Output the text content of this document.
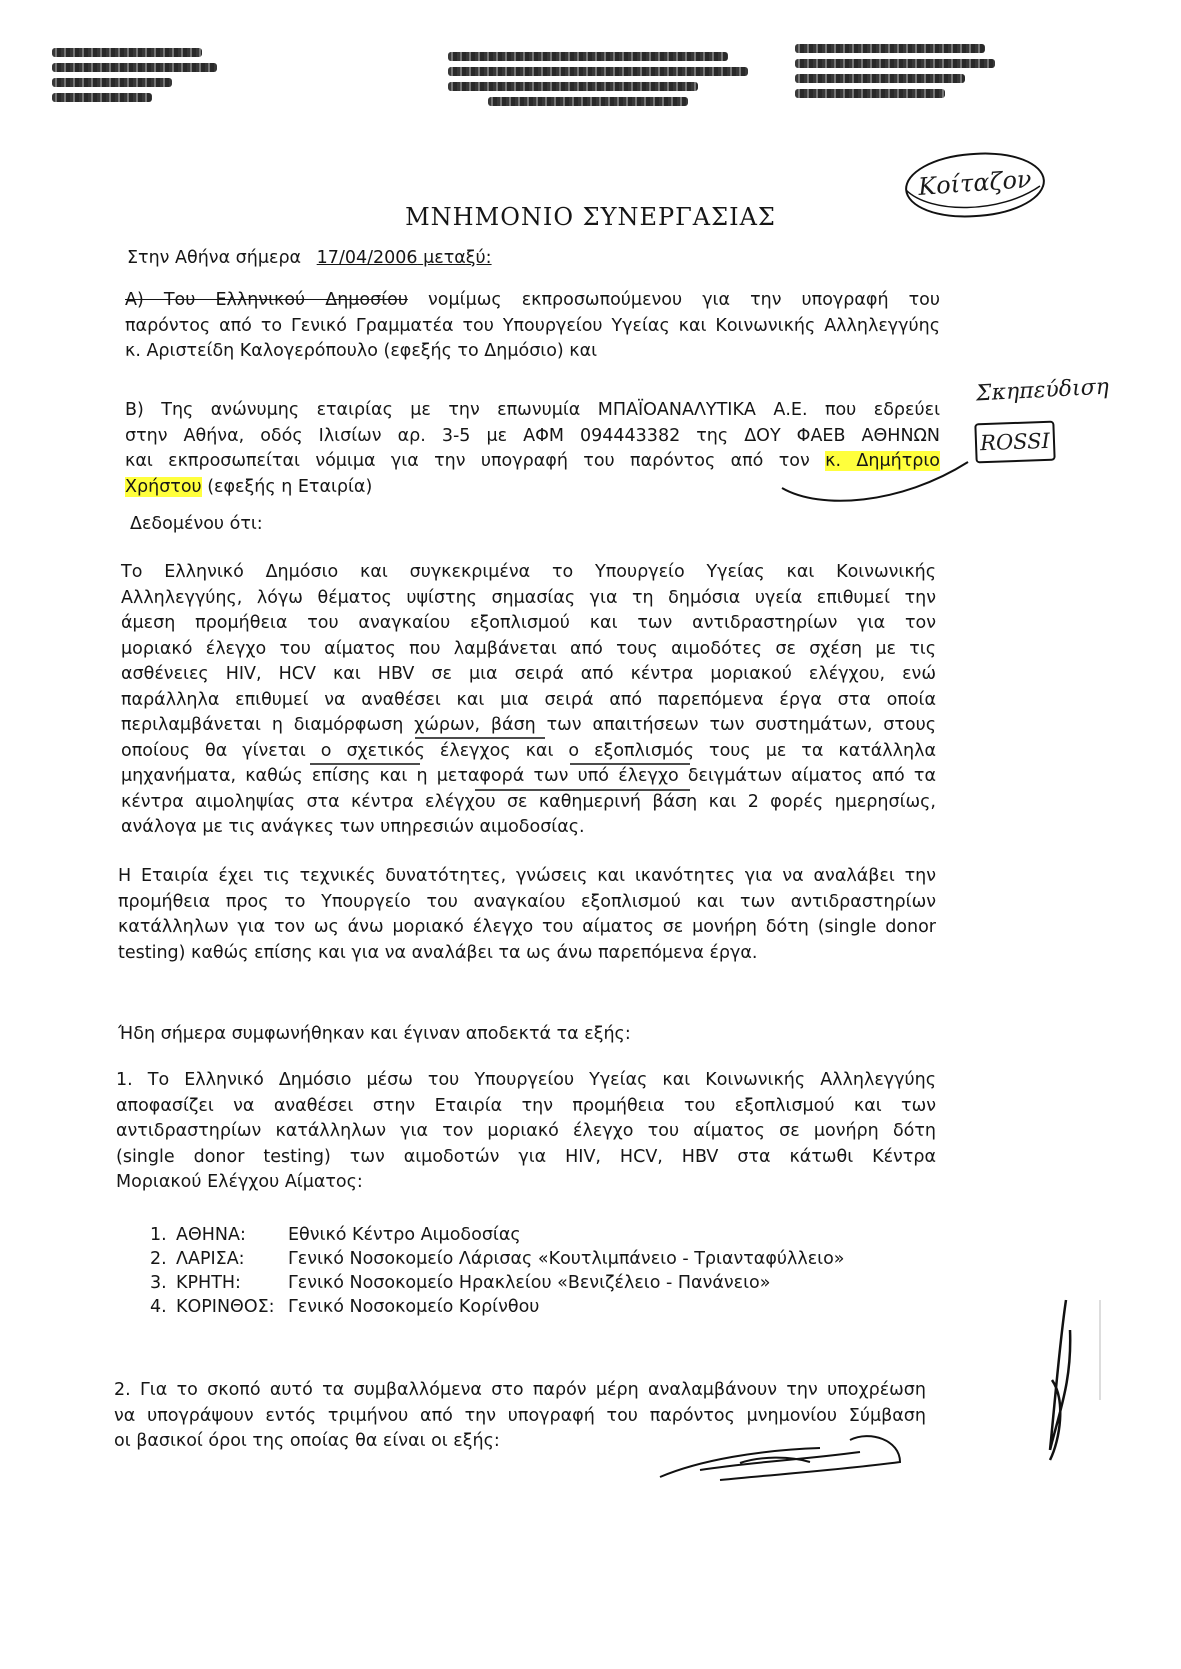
Κοίταζον
ΜΝΗΜΟΝΙΟ ΣΥΝΕΡΓΑΣΙΑΣ
Στην Αθήνα σήμερα 17/04/2006 μεταξύ:
Α) Του Ελληνικού Δημοσίου νομίμως εκπροσωπούμενου για την υπογραφή του
παρόντος από το Γενικό Γραμματέα του Υπουργείου Υγείας και Κοινωνικής Αλληλεγγύης
κ. Αριστείδη Καλογερόπουλο (εφεξής το Δημόσιο) και
Β) Της ανώνυμης εταιρίας με την επωνυμία ΜΠΑΪΟΑΝΑΛΥΤΙΚΑ Α.Ε. που εδρεύει
στην Αθήνα, οδός Ιλισίων αρ. 3-5 με ΑΦΜ 094443382 της ΔΟΥ ΦΑΕΒ ΑΘΗΝΩΝ
και εκπροσωπείται νόμιμα για την υπογραφή του παρόντος από τον κ. Δημήτριο
Χρήστου (εφεξής η Εταιρία)
Σκηπεύδιση
ROSSI
Δεδομένου ότι:
Το Ελληνικό Δημόσιο και συγκεκριμένα το Υπουργείο Υγείας και Κοινωνικής
Αλληλεγγύης, λόγω θέματος υψίστης σημασίας για τη δημόσια υγεία επιθυμεί την
άμεση προμήθεια του αναγκαίου εξοπλισμού και των αντιδραστηρίων για τον
μοριακό έλεγχο του αίματος που λαμβάνεται από τους αιμοδότες σε σχέση με τις
ασθένειες HIV, HCV και HBV σε μια σειρά από κέντρα μοριακού ελέγχου, ενώ
παράλληλα επιθυμεί να αναθέσει και μια σειρά από παρεπόμενα έργα στα οποία
περιλαμβάνεται η διαμόρφωση χώρων, βάση των απαιτήσεων των συστημάτων, στους
οποίους θα γίνεται ο σχετικός έλεγχος και ο εξοπλισμός τους με τα κατάλληλα
μηχανήματα, καθώς επίσης και η μεταφορά των υπό έλεγχο δειγμάτων αίματος από τα
κέντρα αιμοληψίας στα κέντρα ελέγχου σε καθημερινή βάση και 2 φορές ημερησίως,
ανάλογα με τις ανάγκες των υπηρεσιών αιμοδοσίας.
Η Εταιρία έχει τις τεχνικές δυνατότητες, γνώσεις και ικανότητες για να αναλάβει την
προμήθεια προς το Υπουργείο του αναγκαίου εξοπλισμού και των αντιδραστηρίων
κατάλληλων για τον ως άνω μοριακό έλεγχο του αίματος σε μονήρη δότη (single donor
testing) καθώς επίσης και για να αναλάβει τα ως άνω παρεπόμενα έργα.
Ήδη σήμερα συμφωνήθηκαν και έγιναν αποδεκτά τα εξής:
1. Το Ελληνικό Δημόσιο μέσω του Υπουργείου Υγείας και Κοινωνικής Αλληλεγγύης
αποφασίζει να αναθέσει στην Εταιρία την προμήθεια του εξοπλισμού και των
αντιδραστηρίων κατάλληλων για τον μοριακό έλεγχο του αίματος σε μονήρη δότη
(single donor testing) των αιμοδοτών για HIV, HCV, HBV στα κάτωθι Κέντρα
Μοριακού Ελέγχου Αίματος:
1. ΑΘΗΝΑ: Εθνικό Κέντρο Αιμοδοσίας
2. ΛΑΡΙΣΑ: Γενικό Νοσοκομείο Λάρισας «Κουτλιμπάνειο - Τριανταφύλλειο»
3. ΚΡΗΤΗ:	Γενικό Νοσοκομείο Ηρακλείου «Βενιζέλειο - Πανάνειο»
4. ΚΟΡΙΝΘΟΣ: Γενικό Νοσοκομείο Κορίνθου
2. Για το σκοπό αυτό τα συμβαλλόμενα στο παρόν μέρη αναλαμβάνουν την υποχρέωση
να υπογράψουν εντός τριμήνου από την υπογραφή του παρόντος μνημονίου Σύμβαση
οι βασικοί όροι της οποίας θα είναι οι εξής:
